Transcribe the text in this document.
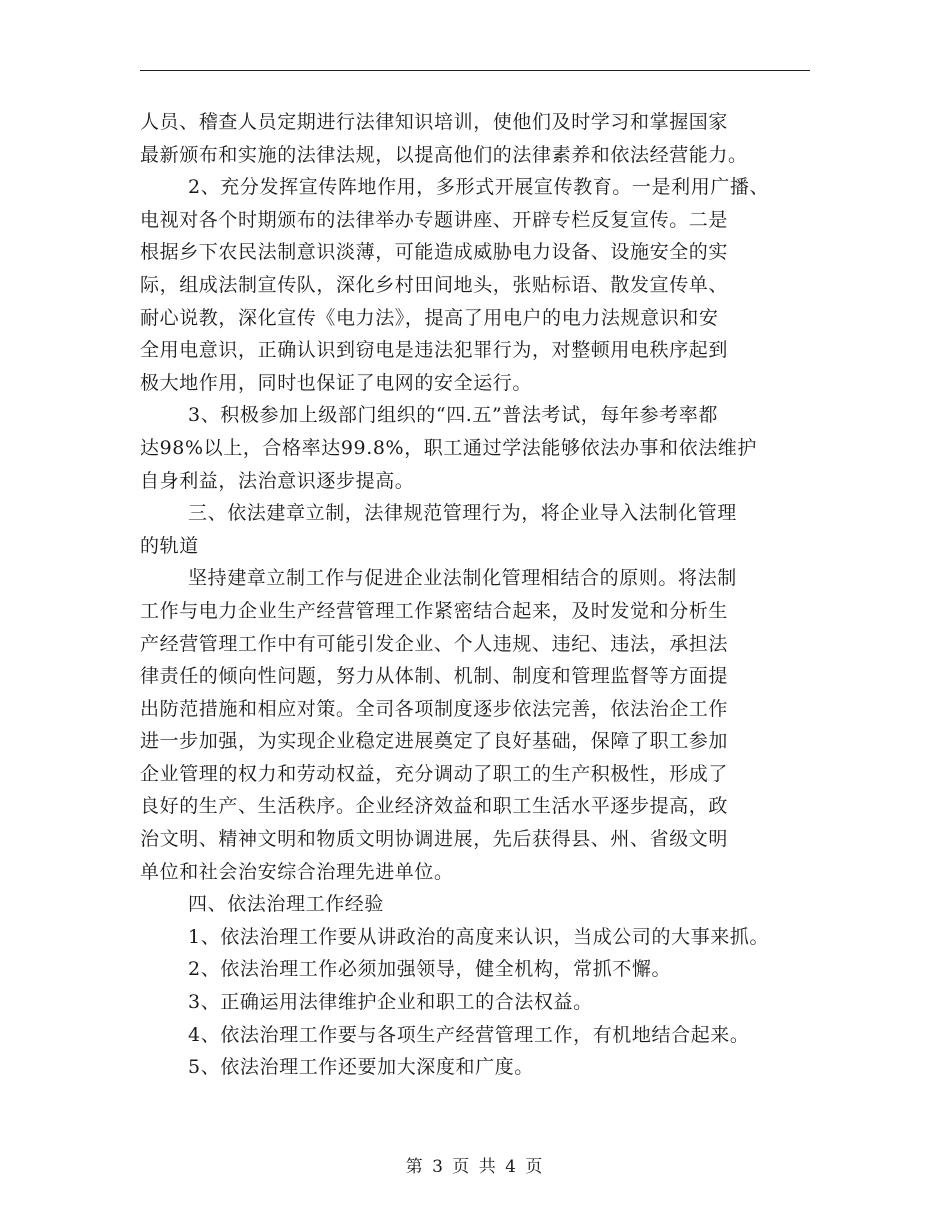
人员、稽查人员定期进行法律知识培训，使他们及时学习和掌握国家
最新颁布和实施的法律法规，以提高他们的法律素养和依法经营能力。
2、充分发挥宣传阵地作用，多形式开展宣传教育。一是利用广播、
电视对各个时期颁布的法律举办专题讲座、开辟专栏反复宣传。二是
根据乡下农民法制意识淡薄，可能造成威胁电力设备、设施安全的实
际，组成法制宣传队，深化乡村田间地头，张贴标语、散发宣传单、
耐心说教，深化宣传《电力法》，提高了用电户的电力法规意识和安
全用电意识，正确认识到窃电是违法犯罪行为，对整顿用电秩序起到
极大地作用，同时也保证了电网的安全运行。
3、积极参加上级部门组织的“四.五”普法考试，每年参考率都
达98%以上，合格率达99.8%，职工通过学法能够依法办事和依法维护
自身利益，法治意识逐步提高。
三、依法建章立制，法律规范管理行为，将企业导入法制化管理
的轨道
坚持建章立制工作与促进企业法制化管理相结合的原则。将法制
工作与电力企业生产经营管理工作紧密结合起来，及时发觉和分析生
产经营管理工作中有可能引发企业、个人违规、违纪、违法，承担法
律责任的倾向性问题，努力从体制、机制、制度和管理监督等方面提
出防范措施和相应对策。全司各项制度逐步依法完善，依法治企工作
进一步加强，为实现企业稳定进展奠定了良好基础，保障了职工参加
企业管理的权力和劳动权益，充分调动了职工的生产积极性，形成了
良好的生产、生活秩序。企业经济效益和职工生活水平逐步提高，政
治文明、精神文明和物质文明协调进展，先后获得县、州、省级文明
单位和社会治安综合治理先进单位。
四、依法治理工作经验
1、依法治理工作要从讲政治的高度来认识，当成公司的大事来抓。
2、依法治理工作必须加强领导，健全机构，常抓不懈。
3、正确运用法律维护企业和职工的合法权益。
4、依法治理工作要与各项生产经营管理工作，有机地结合起来。
5、依法治理工作还要加大深度和广度。
第 3 页 共 4 页
